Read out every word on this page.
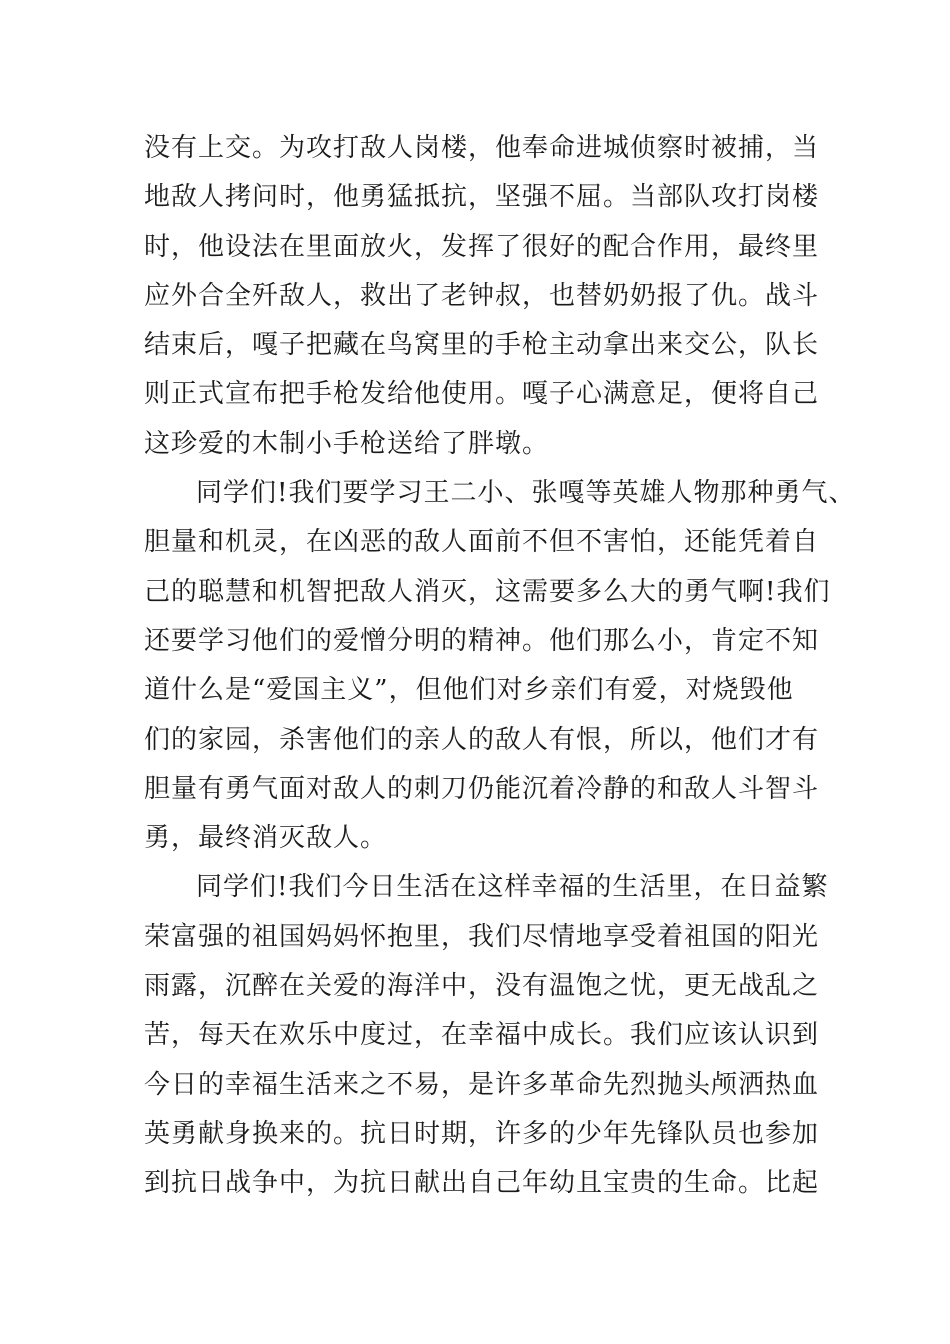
没有上交。为攻打敌人岗楼，他奉命进城侦察时被捕，当
地敌人拷问时，他勇猛抵抗，坚强不屈。当部队攻打岗楼
时，他设法在里面放火，发挥了很好的配合作用，最终里
应外合全歼敌人，救出了老钟叔，也替奶奶报了仇。战斗
结束后，嘎子把藏在鸟窝里的手枪主动拿出来交公，队长
则正式宣布把手枪发给他使用。嘎子心满意足，便将自己
这珍爱的木制小手枪送给了胖墩。
同学们!我们要学习王二小、张嘎等英雄人物那种勇气、
胆量和机灵，在凶恶的敌人面前不但不害怕，还能凭着自
己的聪慧和机智把敌人消灭，这需要多么大的勇气啊!我们
还要学习他们的爱憎分明的精神。他们那么小，肯定不知
道什么是“爱国主义”，但他们对乡亲们有爱，对烧毁他
们的家园，杀害他们的亲人的敌人有恨，所以，他们才有
胆量有勇气面对敌人的刺刀仍能沉着冷静的和敌人斗智斗
勇，最终消灭敌人。
同学们!我们今日生活在这样幸福的生活里，在日益繁
荣富强的祖国妈妈怀抱里，我们尽情地享受着祖国的阳光
雨露，沉醉在关爱的海洋中，没有温饱之忧，更无战乱之
苦，每天在欢乐中度过，在幸福中成长。我们应该认识到
今日的幸福生活来之不易，是许多革命先烈抛头颅洒热血
英勇献身换来的。抗日时期，许多的少年先锋队员也参加
到抗日战争中，为抗日献出自己年幼且宝贵的生命。比起
